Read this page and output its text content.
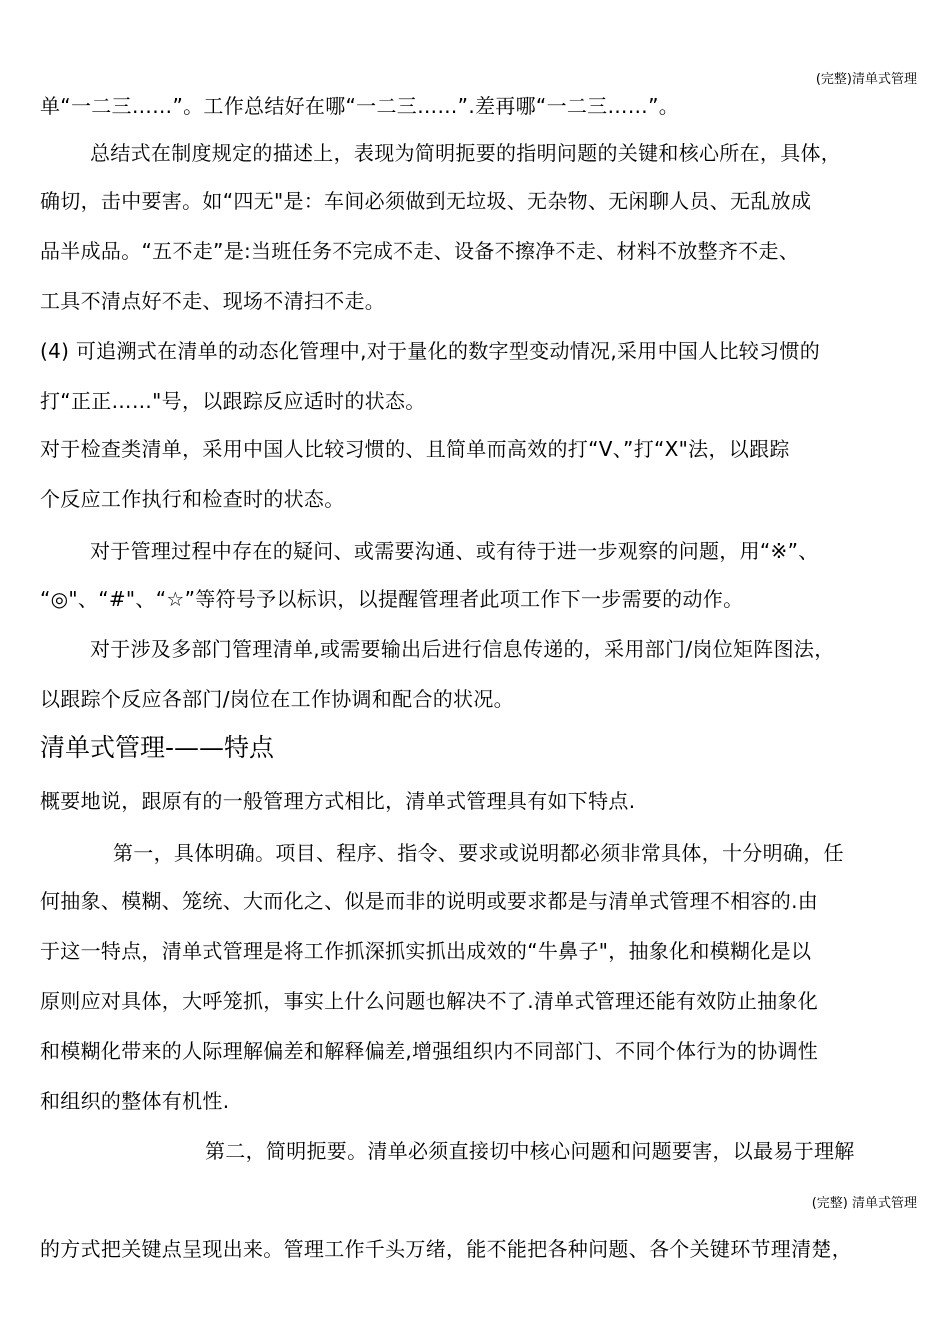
(完整)清单式管理
单“一二三……”。工作总结好在哪“一二三……”.差再哪“一二三……”。
总结式在制度规定的描述上，表现为简明扼要的指明问题的关键和核心所在，具体，
确切，击中要害。如“四无"是：车间必须做到无垃圾、无杂物、无闲聊人员、无乱放成
品半成品。“五不走”是:当班任务不完成不走、设备不擦净不走、材料不放整齐不走、
工具不清点好不走、现场不清扫不走。
(4) 可追溯式在清单的动态化管理中,对于量化的数字型变动情况,采用中国人比较习惯的
打“正正……"号，以跟踪反应适时的状态。
对于检查类清单，采用中国人比较习惯的、且简单而高效的打“V、”打“X"法，以跟踪
个反应工作执行和检查时的状态。
对于管理过程中存在的疑问、或需要沟通、或有待于进一步观察的问题，用“※”、
“◎"、“#"、“☆”等符号予以标识，以提醒管理者此项工作下一步需要的动作。
对于涉及多部门管理清单,或需要输出后进行信息传递的，采用部门/岗位矩阵图法，
以跟踪个反应各部门/岗位在工作协调和配合的状况。
清单式管理-——特点
概要地说，跟原有的一般管理方式相比，清单式管理具有如下特点.
第一，具体明确。项目、程序、指令、要求或说明都必须非常具体，十分明确，任
何抽象、模糊、笼统、大而化之、似是而非的说明或要求都是与清单式管理不相容的.由
于这一特点，清单式管理是将工作抓深抓实抓出成效的“牛鼻子"，抽象化和模糊化是以
原则应对具体，大呼笼抓，事实上什么问题也解决不了.清单式管理还能有效防止抽象化
和模糊化带来的人际理解偏差和解释偏差,增强组织内不同部门、不同个体行为的协调性
和组织的整体有机性.
第二，简明扼要。清单必须直接切中核心问题和问题要害，以最易于理解
(完整) 清单式管理
的方式把关键点呈现出来。管理工作千头万绪，能不能把各种问题、各个关键环节理清楚，
